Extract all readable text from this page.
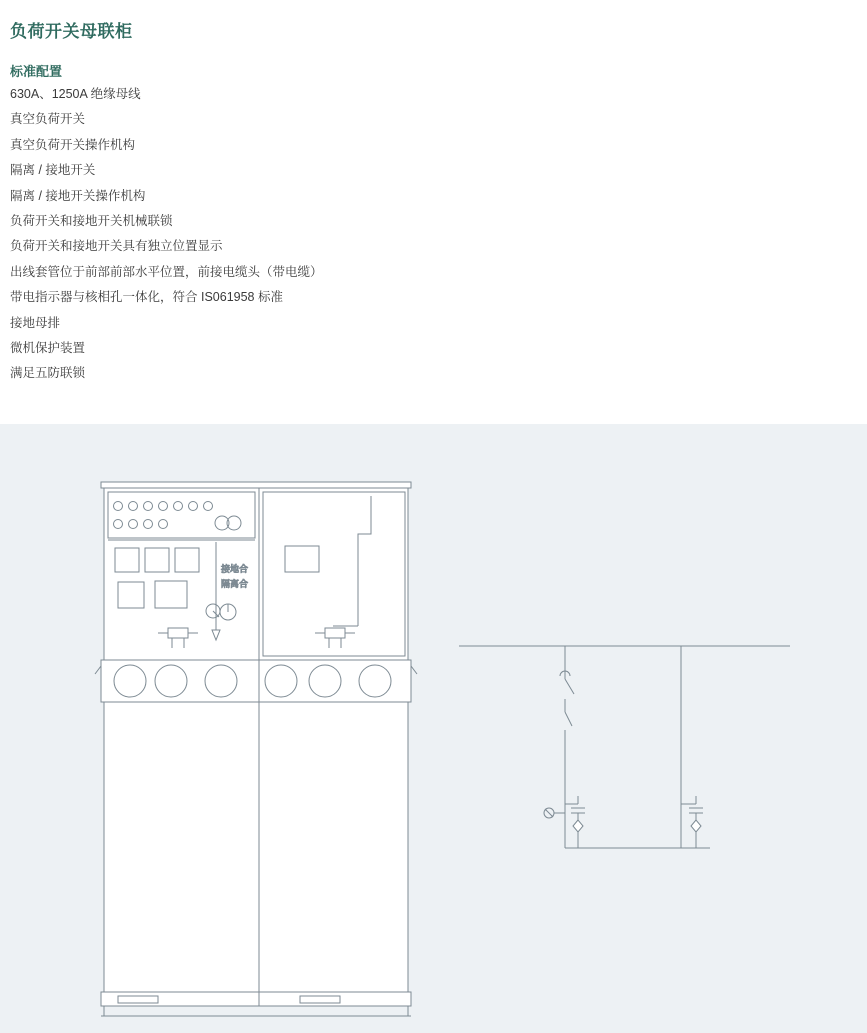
负荷开关母联柜
标准配置
630A、1250A 绝缘母线
真空负荷开关
真空负荷开关操作机构
隔离 / 接地开关
隔离 / 接地开关操作机构
负荷开关和接地开关机械联锁
负荷开关和接地开关具有独立位置显示
出线套管位于前部前部水平位置，前接电缆头（带电缆）
带电指示器与核相孔一体化，符合 IS061958 标准
接地母排
微机保护装置
满足五防联锁
接地合
隔离合
